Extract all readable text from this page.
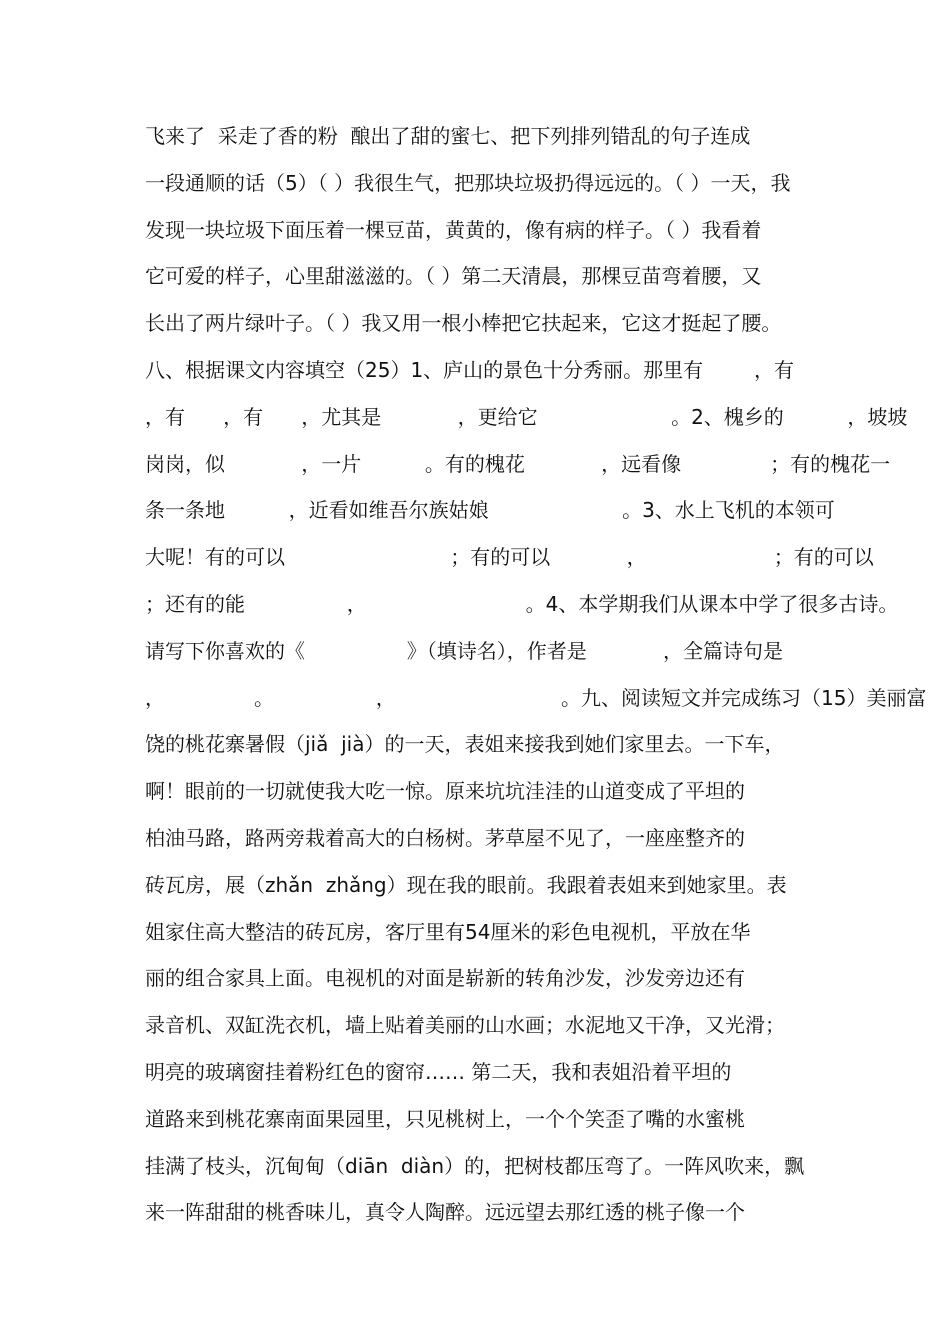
飞来了  采走了香的粉  酿出了甜的蜜七、把下列排列错乱的句子连成
一段通顺的话（5）（ ）我很生气，把那块垃圾扔得远远的。（ ）一天，我
发现一块垃圾下面压着一棵豆苗，黄黄的，像有病的样子。（ ）我看着
它可爱的样子，心里甜滋滋的。（ ）第二天清晨，那棵豆苗弯着腰，又
长出了两片绿叶子。（ ）我又用一根小棒把它扶起来，它这才挺起了腰。
八、根据课文内容填空（25）1、庐山的景色十分秀丽。那里有        ，有
，有      ，有      ，尤其是            ，更给它                     。2、槐乡的          ，坡坡
岗岗，似            ，一片          。有的槐花            ，远看像              ；有的槐花一
条一条地          ，近看如维吾尔族姑娘                     。3、水上飞机的本领可
大呢！有的可以                          ；有的可以            ，                    ；有的可以
；还有的能                ，                         。4、本学期我们从课本中学了很多古诗。
请写下你喜欢的《                》（填诗名），作者是            ，全篇诗句是
，              。                ，                          。九、阅读短文并完成练习（15）美丽富
饶的桃花寨暑假（jiǎ  jià）的一天，表姐来接我到她们家里去。一下车，
啊！眼前的一切就使我大吃一惊。原来坑坑洼洼的山道变成了平坦的
柏油马路，路两旁栽着高大的白杨树。茅草屋不见了，一座座整齐的
砖瓦房，展（zhǎn  zhǎng）现在我的眼前。我跟着表姐来到她家里。表
姐家住高大整洁的砖瓦房，客厅里有54厘米的彩色电视机，平放在华
丽的组合家具上面。电视机的对面是崭新的转角沙发，沙发旁边还有
录音机、双缸洗衣机，墙上贴着美丽的山水画；水泥地又干净，又光滑；
明亮的玻璃窗挂着粉红色的窗帘…… 第二天，我和表姐沿着平坦的
道路来到桃花寨南面果园里，只见桃树上，一个个笑歪了嘴的水蜜桃
挂满了枝头，沉甸甸（diān  diàn）的，把树枝都压弯了。一阵风吹来，飘
来一阵甜甜的桃香味儿，真令人陶醉。远远望去那红透的桃子像一个
